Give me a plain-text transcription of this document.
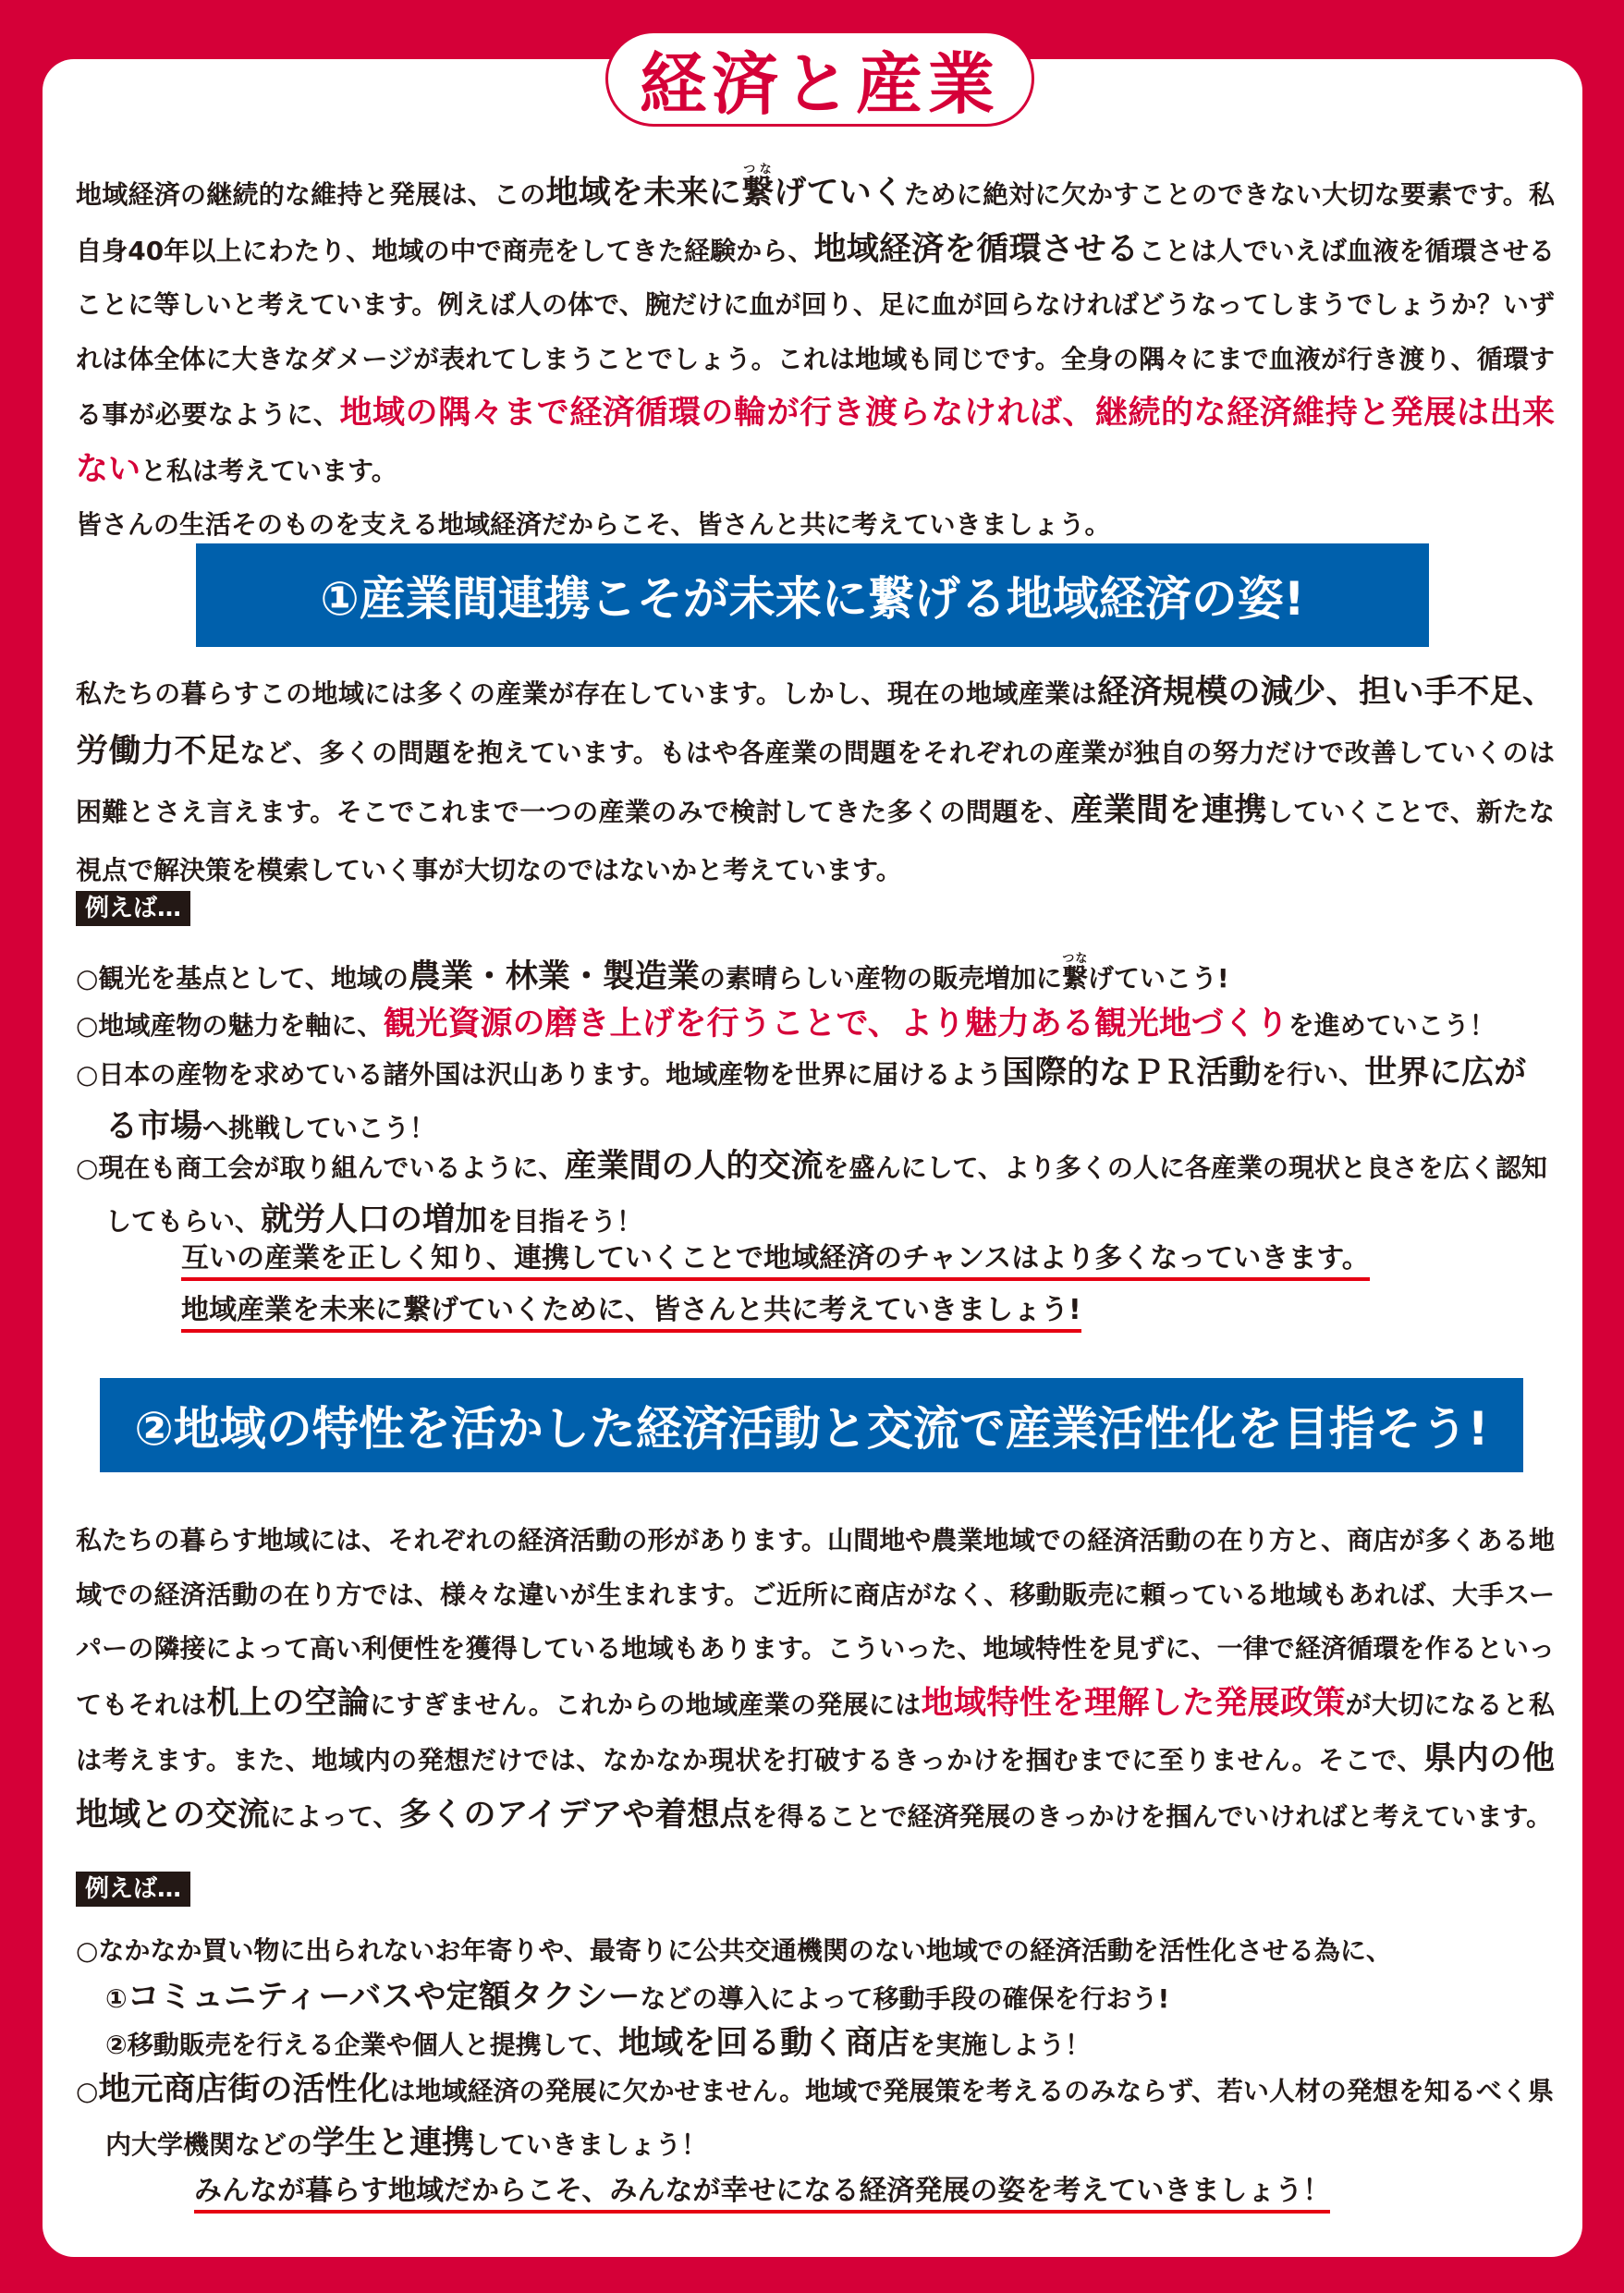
経済と産業
地域経済の継続的な維持と発展は、この地域を未来に繋つなげていくために絶対に欠かすことのできない大切な要素です。私自身40年以上にわたり、地域の中で商売をしてきた経験から、地域経済を循環させることは人でいえば血液を循環させることに等しいと考えています。例えば人の体で、腕だけに血が回り、足に血が回らなければどうなってしまうでしょうか？いずれは体全体に大きなダメージが表れてしまうことでしょう。これは地域も同じです。全身の隅々にまで血液が行き渡り、循環する事が必要なように、地域の隅々まで経済循環の輪が行き渡らなければ、継続的な経済維持と発展は出来ないと私は考えています。
皆さんの生活そのものを支える地域経済だからこそ、皆さんと共に考えていきましょう。
①産業間連携こそが未来に繋げる地域経済の姿!
私たちの暮らすこの地域には多くの産業が存在しています。しかし、現在の地域産業は経済規模の減少、担い手不足、労働力不足など、多くの問題を抱えています。もはや各産業の問題をそれぞれの産業が独自の努力だけで改善していくのは困難とさえ言えます。そこでこれまで一つの産業のみで検討してきた多くの問題を、産業間を連携していくことで、新たな視点で解決策を模索していく事が大切なのではないかと考えています。
例えば…
○観光を基点として、地域の農業・林業・製造業の素晴らしい産物の販売増加に繋つなげていこう!
○地域産物の魅力を軸に、観光資源の磨き上げを行うことで、より魅力ある観光地づくりを進めていこう！
○日本の産物を求めている諸外国は沢山あります。地域産物を世界に届けるよう国際的なＰＲ活動を行い、世界に広がる市場へ挑戦していこう！
○現在も商工会が取り組んでいるように、産業間の人的交流を盛んにして、より多くの人に各産業の現状と良さを広く認知してもらい、就労人口の増加を目指そう！
互いの産業を正しく知り、連携していくことで地域経済のチャンスはより多くなっていきます。
地域産業を未来に繋げていくために、皆さんと共に考えていきましょう!
②地域の特性を活かした経済活動と交流で産業活性化を目指そう!
私たちの暮らす地域には、それぞれの経済活動の形があります。山間地や農業地域での経済活動の在り方と、商店が多くある地域での経済活動の在り方では、様々な違いが生まれます。ご近所に商店がなく、移動販売に頼っている地域もあれば、大手スーパーの隣接によって高い利便性を獲得している地域もあります。こういった、地域特性を見ずに、一律で経済循環を作るといってもそれは机上の空論にすぎません。これからの地域産業の発展には地域特性を理解した発展政策が大切になると私は考えます。また、地域内の発想だけでは、なかなか現状を打破するきっかけを掴むまでに至りません。そこで、県内の他地域との交流によって、多くのアイデアや着想点を得ることで経済発展のきっかけを掴んでいければと考えています。
例えば…
○なかなか買い物に出られないお年寄りや、最寄りに公共交通機関のない地域での経済活動を活性化させる為に、
①コミュニティーバスや定額タクシーなどの導入によって移動手段の確保を行おう!
②移動販売を行える企業や個人と提携して、地域を回る動く商店を実施しよう！
○地元商店街の活性化は地域経済の発展に欠かせません。地域で発展策を考えるのみならず、若い人材の発想を知るべく県内大学機関などの学生と連携していきましょう！
みんなが暮らす地域だからこそ、みんなが幸せになる経済発展の姿を考えていきましょう！
